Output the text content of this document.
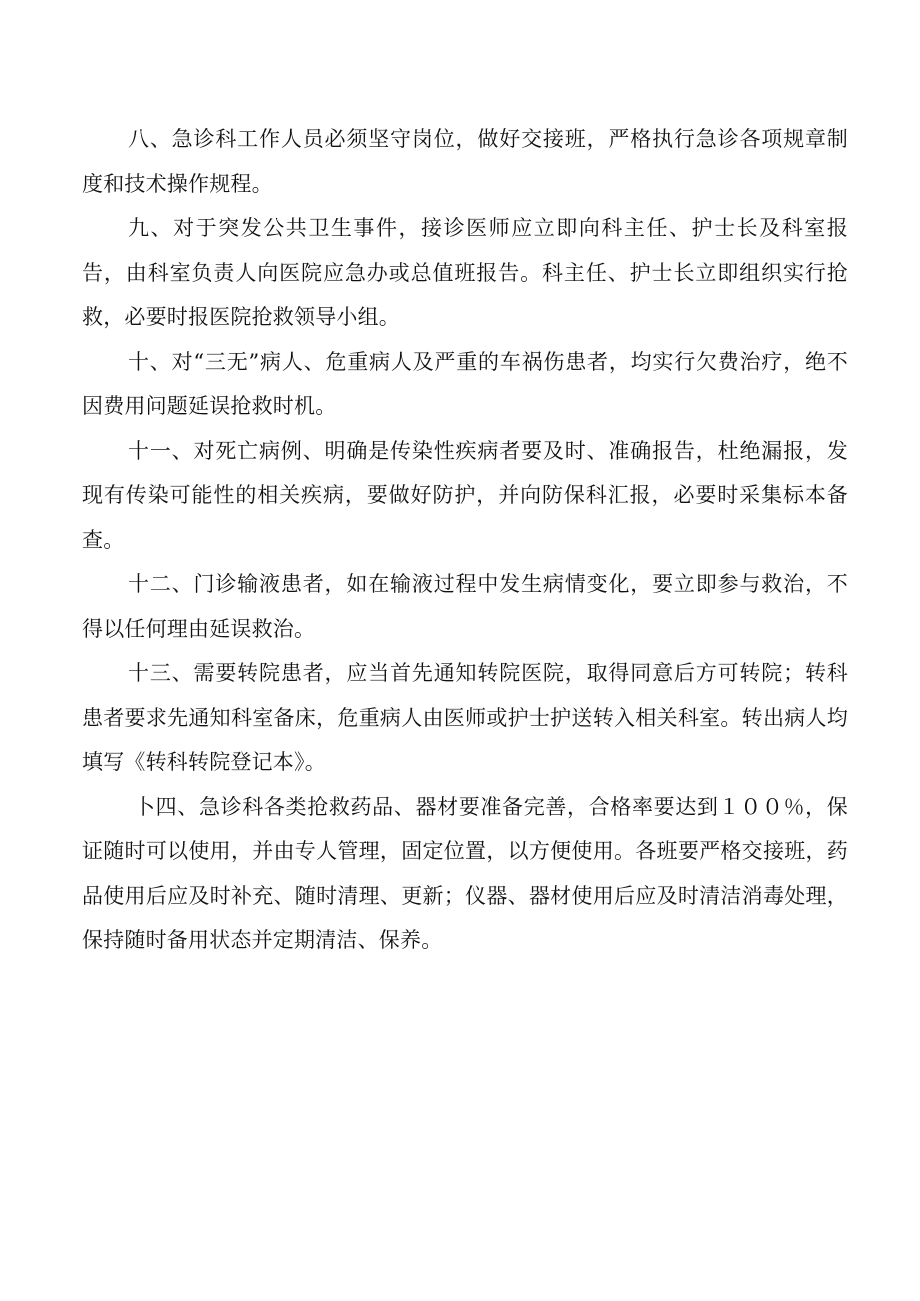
八、急诊科工作人员必须坚守岗位，做好交接班，严格执行急诊各项规章制度和技术操作规程。

九、对于突发公共卫生事件，接诊医师应立即向科主任、护士长及科室报告，由科室负责人向医院应急办或总值班报告。科主任、护士长立即组织实行抢救，必要时报医院抢救领导小组。

十、对“三无”病人、危重病人及严重的车祸伤患者，均实行欠费治疗，绝不因费用问题延误抢救时机。

十一、对死亡病例、明确是传染性疾病者要及时、准确报告，杜绝漏报，发现有传染可能性的相关疾病，要做好防护，并向防保科汇报，必要时采集标本备查。

十二、门诊输液患者，如在输液过程中发生病情变化，要立即参与救治，不得以任何理由延误救治。

十三、需要转院患者，应当首先通知转院医院，取得同意后方可转院；转科患者要求先通知科室备床，危重病人由医师或护士护送转入相关科室。转出病人均填写《转科转院登记本》。

卜四、急诊科各类抢救药品、器材要准备完善，合格率要达到１００％，保证随时可以使用，并由专人管理，固定位置，以方便使用。各班要严格交接班，药品使用后应及时补充、随时清理、更新；仪器、器材使用后应及时清洁消毒处理，保持随时备用状态并定期清洁、保养。
